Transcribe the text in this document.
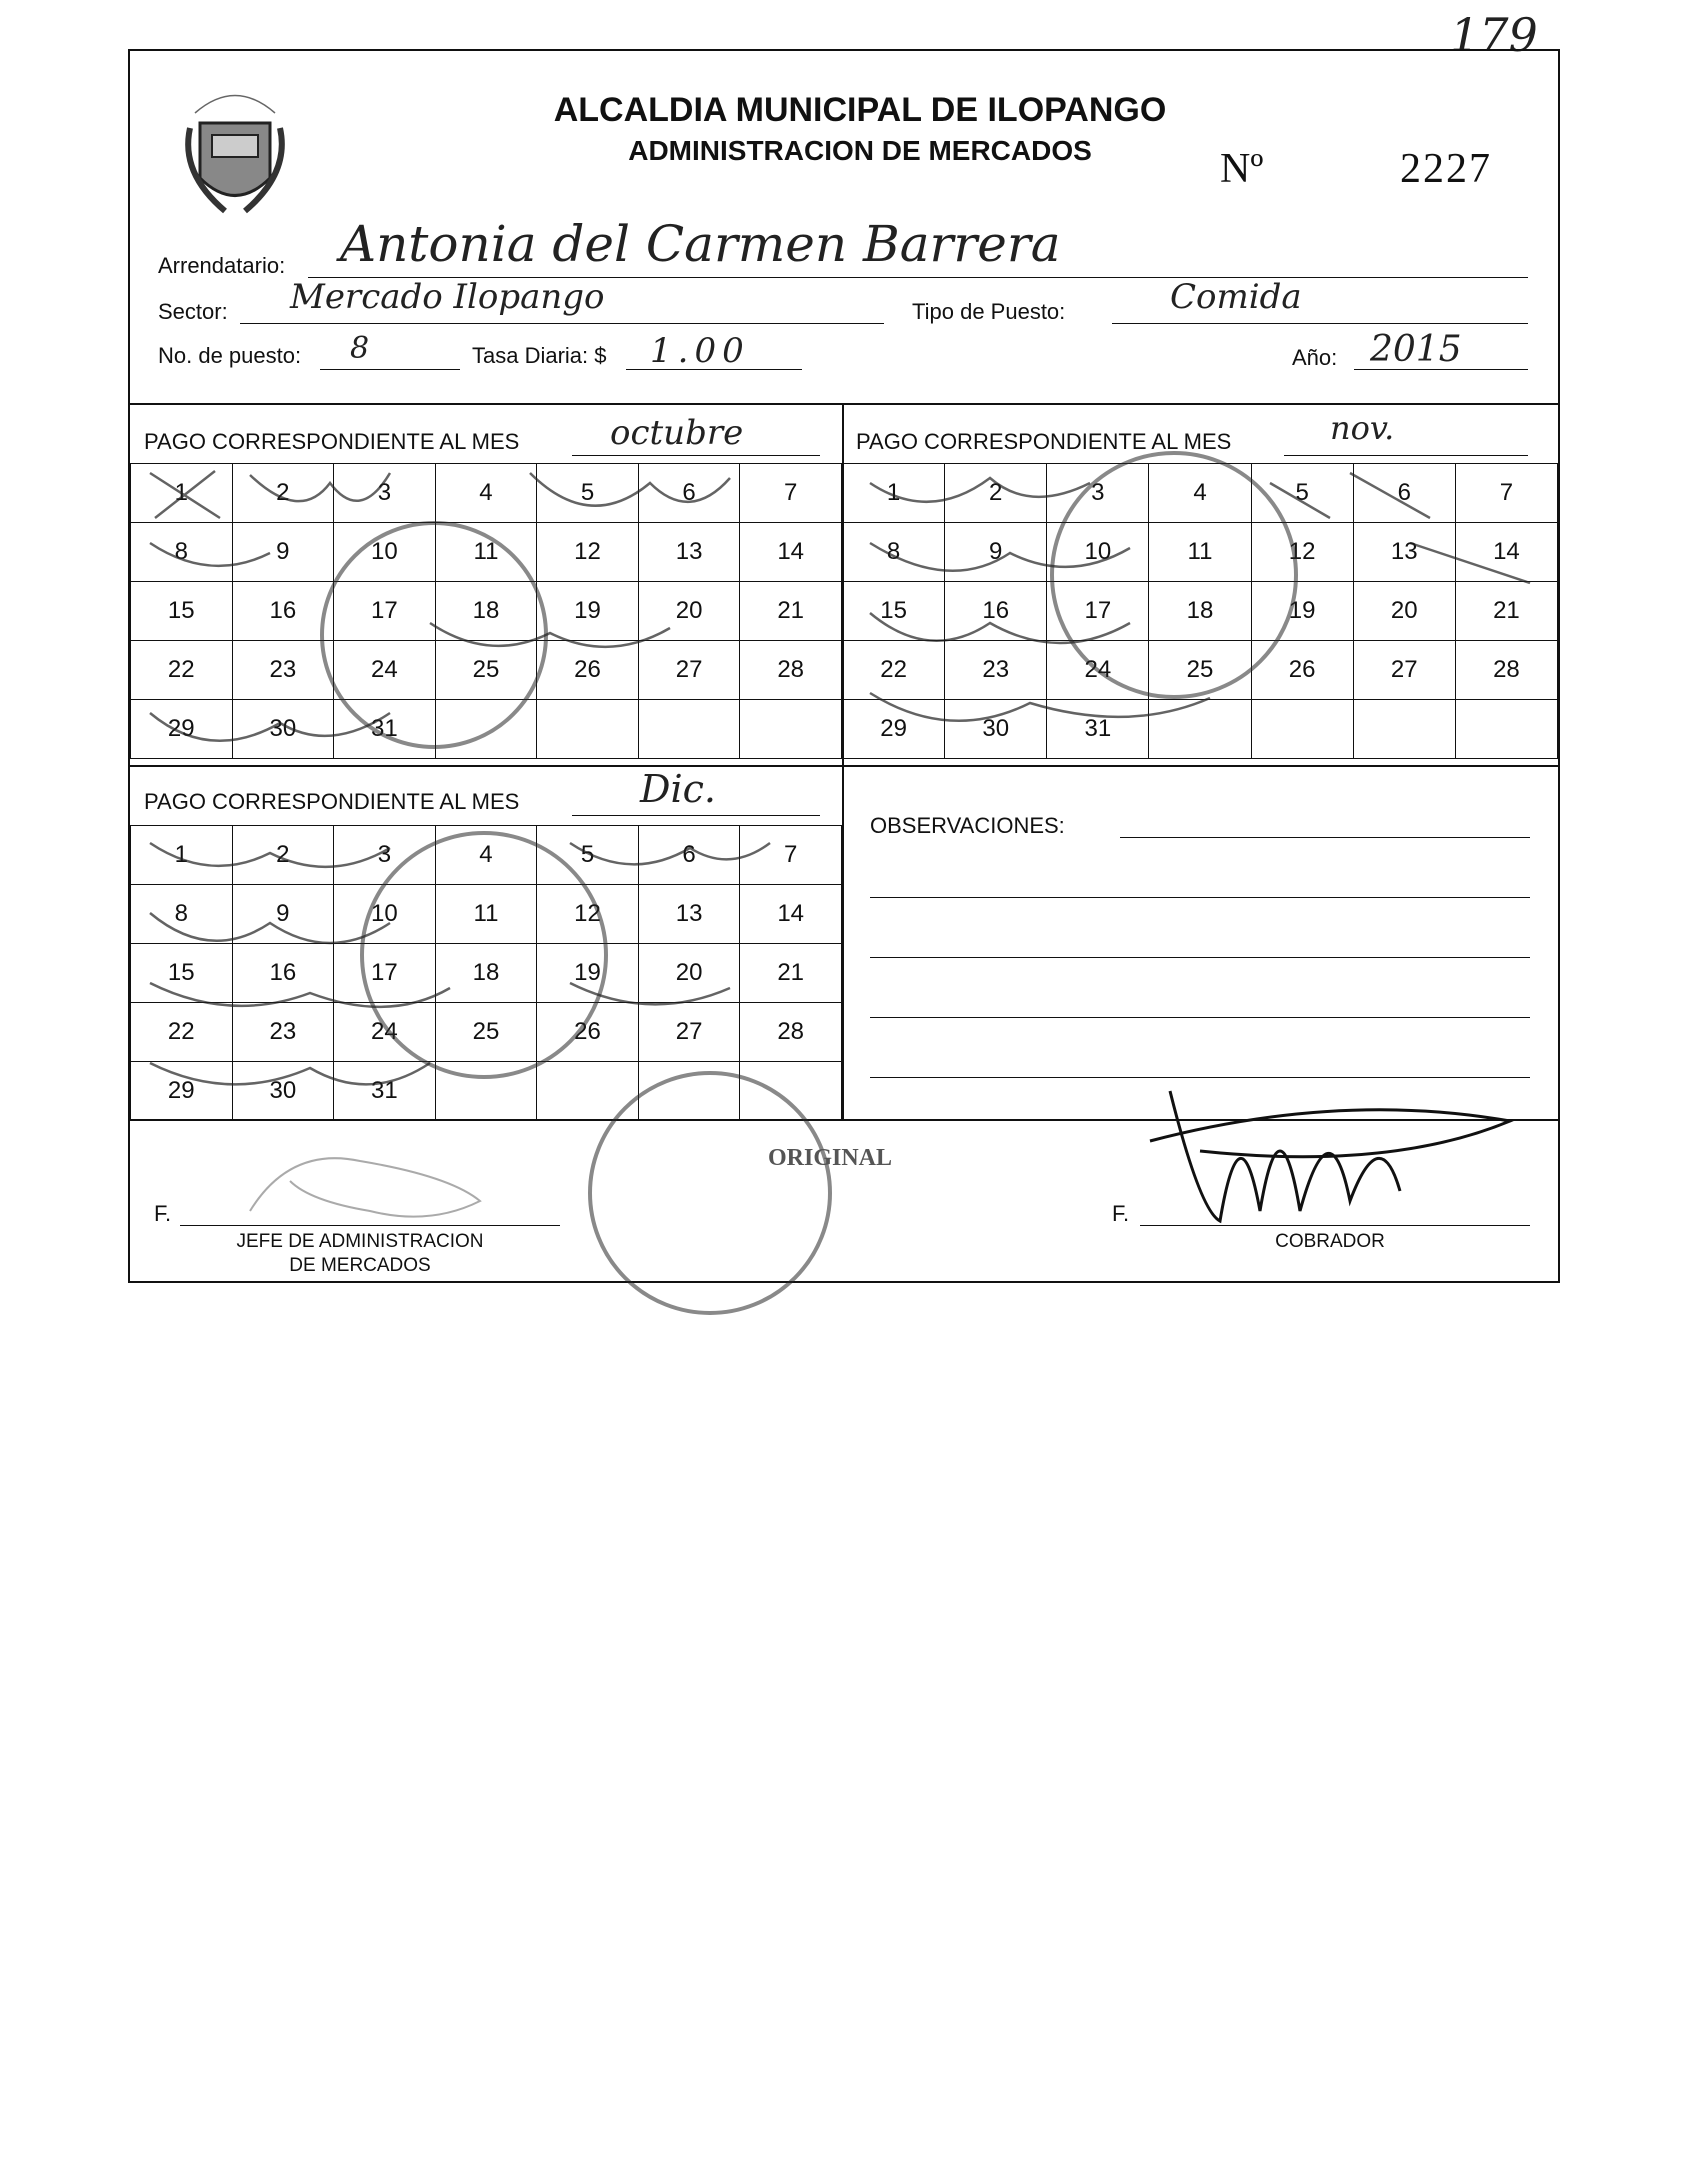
179
ALCALDIA MUNICIPAL DE ILOPANGO
ADMINISTRACION DE MERCADOS	Nº	2227
Arrendatario: Antonia del Carmen Barrera
Sector: Mercado Ilopango	Tipo de Puesto:	Comida
No. de puesto: 8	Tasa Diaria: $ 1.00	Año: 2015
PAGO CORRESPONDIENTE AL MES	octubre
1	2	3	4	5	6	7
8	9	10	11	12	13	14
15	16	17	18	19	20	21
22	23	24	25	26	27	28
29	30	31				
PAGO CORRESPONDIENTE AL MES	nov.
1	2	3	4	5	6	7
8	9	10	11	12	13	14
15	16	17	18	19	20	21
22	23	24	25	26	27	28
29	30	31				
PAGO CORRESPONDIENTE AL MES	Dic.
1	2	3	4	5	6	7
8	9	10	11	12	13	14
15	16	17	18	19	20	21
22	23	24	25	26	27	28
29	30	31				
OBSERVACIONES:
F.
JEFE DE ADMINISTRACION
DE MERCADOS
ORIGINAL
F.
COBRADOR
